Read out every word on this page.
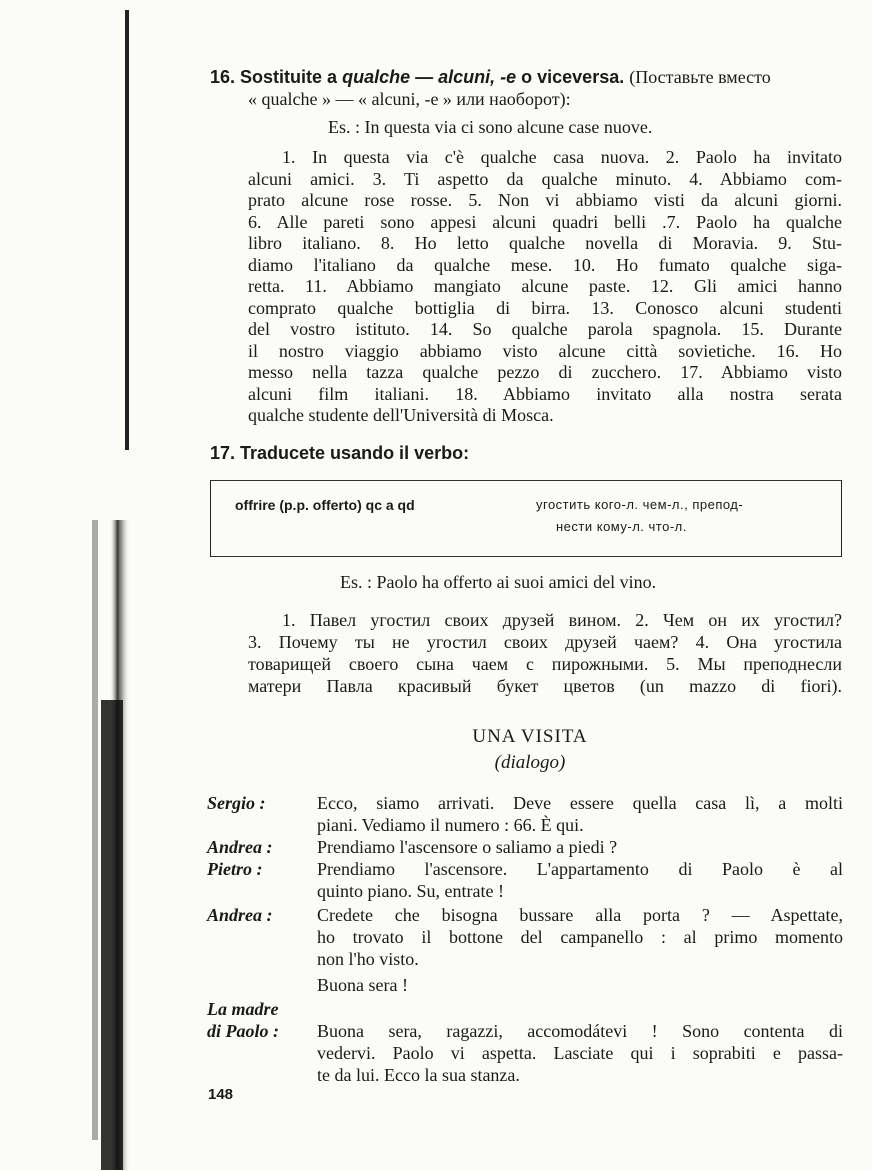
16. Sostituite a qualche — alcuni, -e o viceversa. (Поставьте вместо
« qualche » — « alcuni, -e » или наоборот):
Es. : In questa via ci sono alcune case nuove.

1. In questa via c'è qualche casa nuova. 2. Paolo ha invitato

alcuni amici. 3. Ti aspetto da qualche minuto. 4. Abbiamo com-

prato alcune rose rosse. 5. Non vi abbiamo visti da alcuni giorni.

6. Alle pareti sono appesi alcuni quadri belli .7. Paolo ha qualche

libro italiano. 8. Ho letto qualche novella di Moravia. 9. Stu-

diamo l'italiano da qualche mese. 10. Ho fumato qualche siga-

retta. 11. Abbiamo mangiato alcune paste. 12. Gli amici hanno

comprato qualche bottiglia di birra. 13. Conosco alcuni studenti

del vostro istituto. 14. So qualche parola spagnola. 15. Durante

il nostro viaggio abbiamo visto alcune città sovietiche. 16. Ho

messo nella tazza qualche pezzo di zucchero. 17. Abbiamo visto

alcuni film italiani. 18. Abbiamo invitato alla nostra serata

qualche studente dell'Università di Mosca.

17. Traducete usando il verbo:
offrire (p.p. offerto) qc a qd	угостить кого-л. чем-л., препод-
нести кому-л. что-л.
Es. : Paolo ha offerto ai suoi amici del vino.

1. Павел угостил своих друзей вином. 2. Чем он их угостил?

3. Почему ты не угостил своих друзей чаем? 4. Она угостила

товарищей своего сына чаем с пирожными. 5. Мы преподнесли

матери Павла красивый букет цветов (un mazzo di fiori).

UNA VISITA
(dialogo)
Sergio :	Ecco, siamo arrivati. Deve essere quella casa lì, a molti

piani. Vediamo il numero : 66. È qui.

Andrea :	Prendiamo l'ascensore o saliamo a piedi ?

Pietro :	Prendiamo l'ascensore. L'appartamento di Paolo è al

quinto piano. Su, entrate !

Andrea :	Credete che bisogna bussare alla porta ? — Aspettate,

ho trovato il bottone del campanello : al primo momento

non l'ho visto.

Buona sera !

La madre
di Paolo :	Buona sera, ragazzi, accomodátevi ! Sono contenta di

vedervi. Paolo vi aspetta. Lasciate qui i soprabiti e passa-

te da lui. Ecco la sua stanza.

148
